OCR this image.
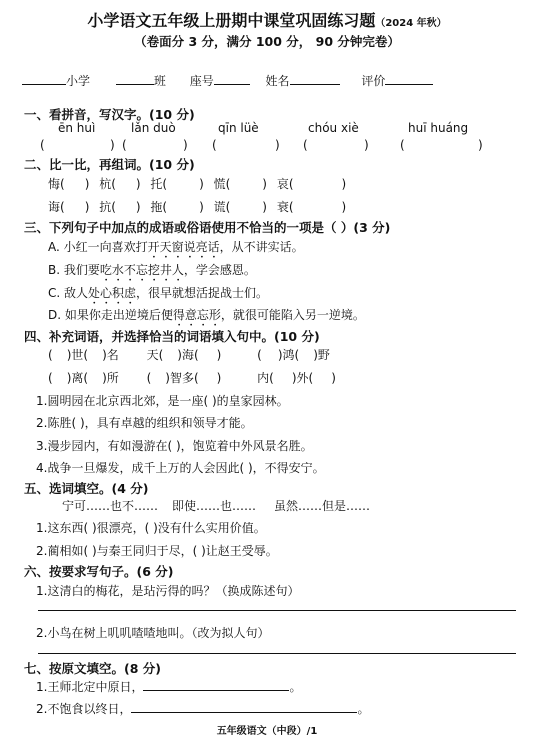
小学语文五年级上册期中课堂巩固练习题（2024 年秋）
（卷面分 3 分，满分 100 分， 90 分钟完卷）
小学	班 座号	姓名	评价
一、看拼音，写汉字。(10 分)
ēn huì	lǎn duò	qīn lüè	chóu xiè	huī huáng
(	) (	) (	) (	)	(	)
二、比一比，再组词。(10 分)
悔( ) 杭( ) 托(	) 慌(	) 哀(	)
诲( ) 抗( ) 拖(	) 谎(	) 衰(	)
三、下列句子中加点的成语或俗语使用不恰当的一项是（ ）(3 分)
A. 小红一向喜欢打开天窗说亮话，从不讲实话。
B. 我们要吃水不忘挖井人，学会感恩。
C. 敌人处心积虑，很早就想活捉战士们。
D. 如果你走出逆境后便得意忘形，就很可能陷入另一逆境。
四、补充词语，并选择恰当的词语填入句中。(10 分)
( )世( )名 天( )海( )	( )鸿( )野
( )离( )所 ( )智多( )	内( )外( )
1.圆明园在北京西北郊，是一座( )的皇家园林。
2.陈胜( )，具有卓越的组织和领导才能。
3.漫步园内，有如漫游在( )，饱览着中外风景名胜。
4.战争一旦爆发，成千上万的人会因此( )，不得安宁。
五、选词填空。(4 分)
宁可……也不…… 即使……也…… 虽然……但是……
1.这东西( )很漂亮，( )没有什么实用价值。
2.蔺相如( )与秦王同归于尽，( )让赵王受辱。
六、按要求写句子。(6 分)
1.这清白的梅花，是玷污得的吗？（换成陈述句）
2.小鸟在树上叽叽喳喳地叫。（改为拟人句）
七、按原文填空。(8 分)
1.王师北定中原日，	。
2.不饱食以终日，	。
五年级语文（中段）/1
